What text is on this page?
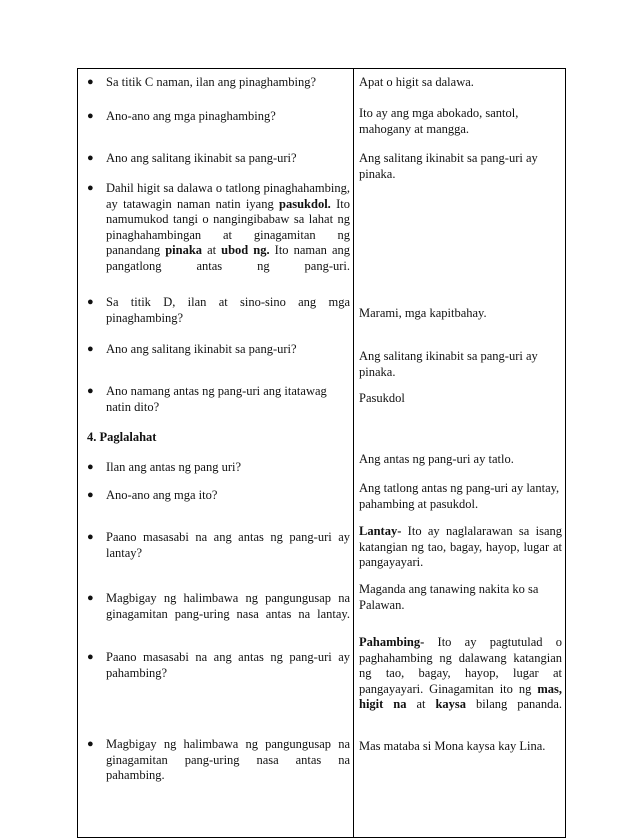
● Sa titik C naman, ilan ang pinaghambing?
● Ano-ano ang mga pinaghambing?
● Ano ang salitang ikinabit sa pang-uri?
● Dahil higit sa dalawa o tatlong pinaghahambing, ay tatawagin naman natin iyang pasukdol. Ito namumukod tangi o nangingibabaw sa lahat ng pinaghahambingan at ginagamitan ng panandang pinaka at ubod ng. Ito naman ang pangatlong antas ng pang-uri.
● Sa titik D, ilan at sino-sino ang mga pinaghambing?
● Ano ang salitang ikinabit sa pang-uri?
● Ano namang antas ng pang-uri ang itatawag natin dito?
4. Paglalahat
● Ilan ang antas ng pang uri?
● Ano-ano ang mga ito?
● Paano masasabi na ang antas ng pang-uri ay lantay?
● Magbigay ng halimbawa ng pangungusap na ginagamitan pang-uring nasa antas na lantay.
● Paano masasabi na ang antas ng pang-uri ay pahambing?
● Magbigay ng halimbawa ng pangungusap na ginagamitan pang-uring nasa antas na pahambing.
Apat o higit sa dalawa.
Ito ay ang mga abokado, santol, mahogany at mangga.
Ang salitang ikinabit sa pang-uri ay pinaka.
Marami, mga kapitbahay.
Ang salitang ikinabit sa pang-uri ay pinaka.
Pasukdol
Ang antas ng pang-uri ay tatlo.
Ang tatlong antas ng pang-uri ay lantay, pahambing at pasukdol.
Lantay- Ito ay naglalarawan sa isang katangian ng tao, bagay, hayop, lugar at pangayayari.
Maganda ang tanawing nakita ko sa Palawan.
Pahambing- Ito ay pagtutulad o paghahambing ng dalawang katangian ng tao, bagay, hayop, lugar at pangayayari. Ginagamitan ito ng mas, higit na at kaysa bilang pananda.
Mas mataba si Mona kaysa kay Lina.
